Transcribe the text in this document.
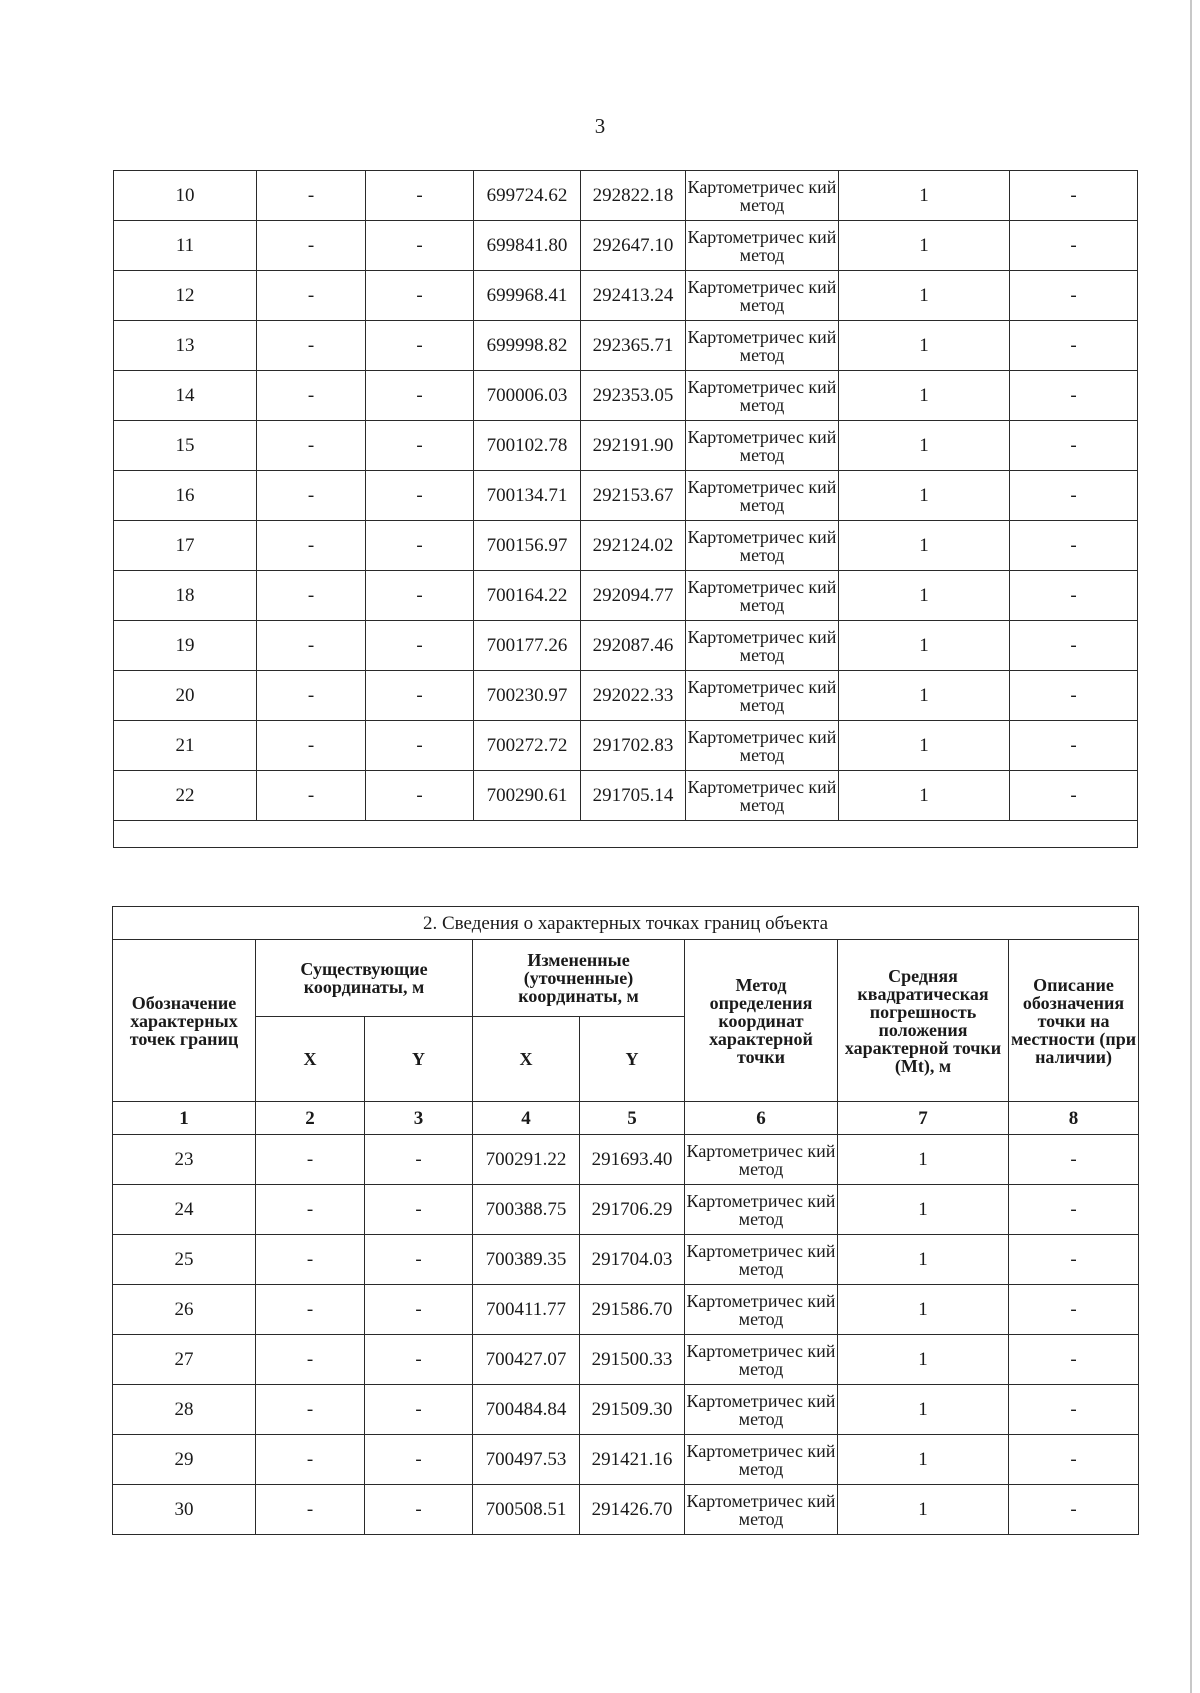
3
10	-	-	699724.62	292822.18	Картометричес кий метод	1	-
11	-	-	699841.80	292647.10	Картометричес кий метод	1	-
12	-	-	699968.41	292413.24	Картометричес кий метод	1	-
13	-	-	699998.82	292365.71	Картометричес кий метод	1	-
14	-	-	700006.03	292353.05	Картометричес кий метод	1	-
15	-	-	700102.78	292191.90	Картометричес кий метод	1	-
16	-	-	700134.71	292153.67	Картометричес кий метод	1	-
17	-	-	700156.97	292124.02	Картометричес кий метод	1	-
18	-	-	700164.22	292094.77	Картометричес кий метод	1	-
19	-	-	700177.26	292087.46	Картометричес кий метод	1	-
20	-	-	700230.97	292022.33	Картометричес кий метод	1	-
21	-	-	700272.72	291702.83	Картометричес кий метод	1	-
22	-	-	700290.61	291705.14	Картометричес кий метод	1	-

2. Сведения о характерных точках границ объекта							
Обозначение характерных точек границ	Существующие координаты, м		Измененные (уточненные) координаты, м		Метод определения координат характерной точки	Средняя квадратическая погрешность положения характерной точки (Mt), м	Описание обозначения точки на местности (при наличии)
	X	Y	X	Y			
1	2	3	4	5	6	7	8
23	-	-	700291.22	291693.40	Картометричес кий метод	1	-
24	-	-	700388.75	291706.29	Картометричес кий метод	1	-
25	-	-	700389.35	291704.03	Картометричес кий метод	1	-
26	-	-	700411.77	291586.70	Картометричес кий метод	1	-
27	-	-	700427.07	291500.33	Картометричес кий метод	1	-
28	-	-	700484.84	291509.30	Картометричес кий метод	1	-
29	-	-	700497.53	291421.16	Картометричес кий метод	1	-
30	-	-	700508.51	291426.70	Картометричес кий метод	1	-
